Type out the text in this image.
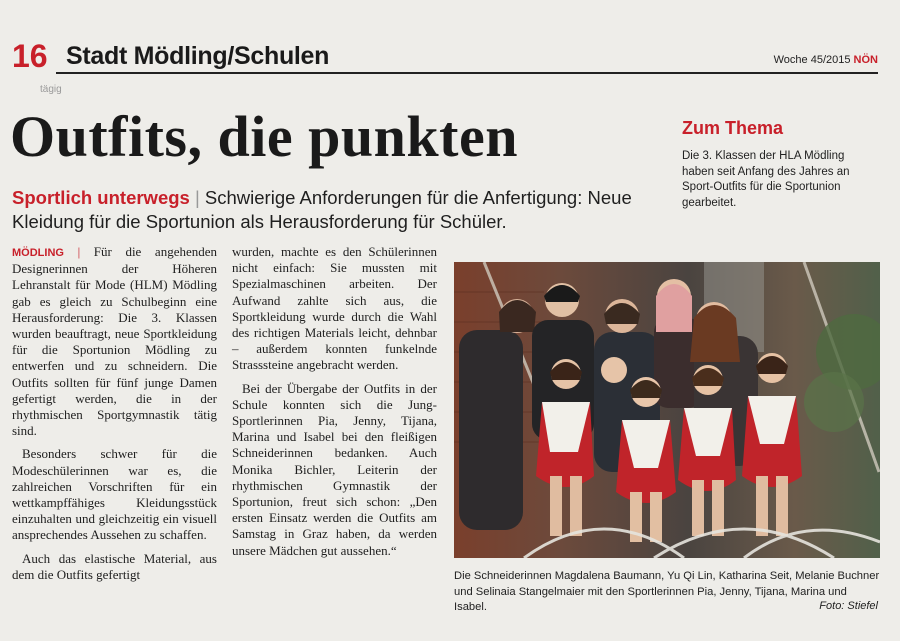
16 Stadt Mödling/Schulen	Woche 45/2015 NÖN
tägig
Outfits, die punkten
Sportlich unterwegs | Schwierige Anforderungen für die Anfertigung: Neue Kleidung für die Sportunion als Herausforderung für Schüler.
Zum Thema
Die 3. Klassen der HLA Mödling haben seit Anfang des Jahres an Sport-Outfits für die Sportunion gearbeitet.

MÖDLING | Für die angehenden Designerinnen der Höheren Lehranstalt für Mode (HLM) Mödling gab es gleich zu Schulbeginn eine Herausforderung: Die 3. Klassen wurden beauftragt, neue Sportkleidung für die Sportunion Mödling zu entwerfen und zu schneidern. Die Outfits sollten für fünf junge Damen gefertigt werden, die in der rhythmischen Sportgymnastik tätig sind.

Besonders schwer für die Modeschülerinnen war es, die zahlreichen Vorschriften für ein wettkampffähiges Kleidungsstück einzuhalten und gleichzeitig ein visuell ansprechendes Aussehen zu schaffen.

Auch das elastische Material, aus dem die Outfits gefertigt

wurden, machte es den Schülerinnen nicht einfach: Sie mussten mit Spezialmaschinen arbeiten. Der Aufwand zahlte sich aus, die Sportkleidung wurde durch die Wahl des richtigen Materials leicht, dehnbar – außerdem konnten funkelnde Strasssteine angebracht werden.

Bei der Übergabe der Outfits in der Schule konnten sich die Jung-Sportlerinnen Pia, Jenny, Tijana, Marina und Isabel bei den fleißigen Schneiderinnen bedanken. Auch Monika Bichler, Leiterin der rhythmischen Gymnastik der Sportunion, freut sich schon: „Den ersten Einsatz werden die Outfits am Samstag in Graz haben, da werden unsere Mädchen gut aussehen.“

Die Schneiderinnen Magdalena Baumann, Yu Qi Lin, Katharina Seit, Melanie Buchner und Selinaia Stangelmaier mit den Sportlerinnen Pia, Jenny, Tijana, Marina und Isabel.	Foto: Stiefel
